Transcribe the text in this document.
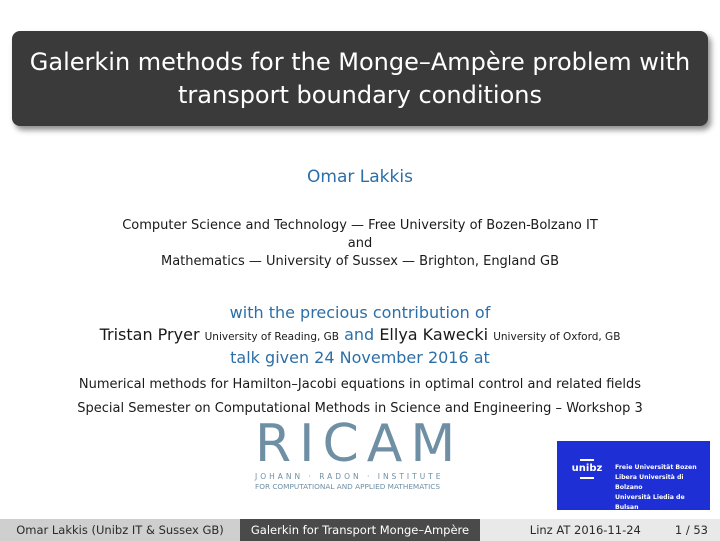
Galerkin methods for the Monge–Ampère problem with
transport boundary conditions
Omar Lakkis
Computer Science and Technology — Free University of Bozen-Bolzano IT
and
Mathematics — University of Sussex — Brighton, England GB
with the precious contribution of
Tristan Pryer University of Reading, GB and Ellya Kawecki University of Oxford, GB
talk given 24 November 2016 at
Numerical methods for Hamilton–Jacobi equations in optimal control and related fields
Special Semester on Computational Methods in Science and Engineering – Workshop 3
RICAM
JOHANN · RADON · INSTITUTE
FOR COMPUTATIONAL AND APPLIED MATHEMATICS
unibz	Freie Universität Bozen
Libera Università di Bolzano
Università Liedia de Bulsan
Omar Lakkis (Unibz IT & Sussex GB)	Galerkin for Transport Monge–Ampère	Linz AT 2016-11-24	1 / 53
